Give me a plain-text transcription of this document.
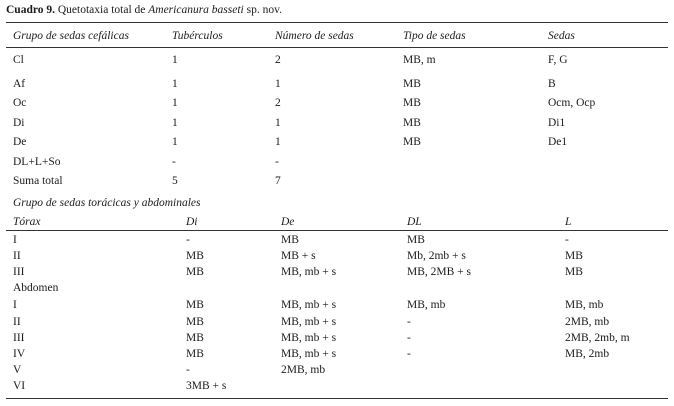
Cuadro 9. Quetotaxia total de Americanura basseti sp. nov.
Grupo de sedas cefálicas	Tubérculos	Número de sedas	Tipo de sedas	Sedas
Cl	1	2	MB, m	F, G
Af	1	1	MB	B
Oc	1	2	MB	Ocm, Ocp
Di	1	1	MB	Di1
De	1	1	MB	De1
DL+L+So	-	-
Suma total	5	7
Grupo de sedas torácicas y abdominales
Tórax	Di	De	DL	L
I	-	MB	MB	-
II	MB	MB + s	Mb, 2mb + s	MB
III	MB	MB, mb + s	MB, 2MB + s	MB
Abdomen
I	MB	MB, mb + s	MB, mb	MB, mb
II	MB	MB, mb + s	-	2MB, mb
III	MB	MB, mb + s	-	2MB, 2mb, m
IV	MB	MB, mb + s	-	MB, 2mb
V	-	2MB, mb
VI	3MB + s
